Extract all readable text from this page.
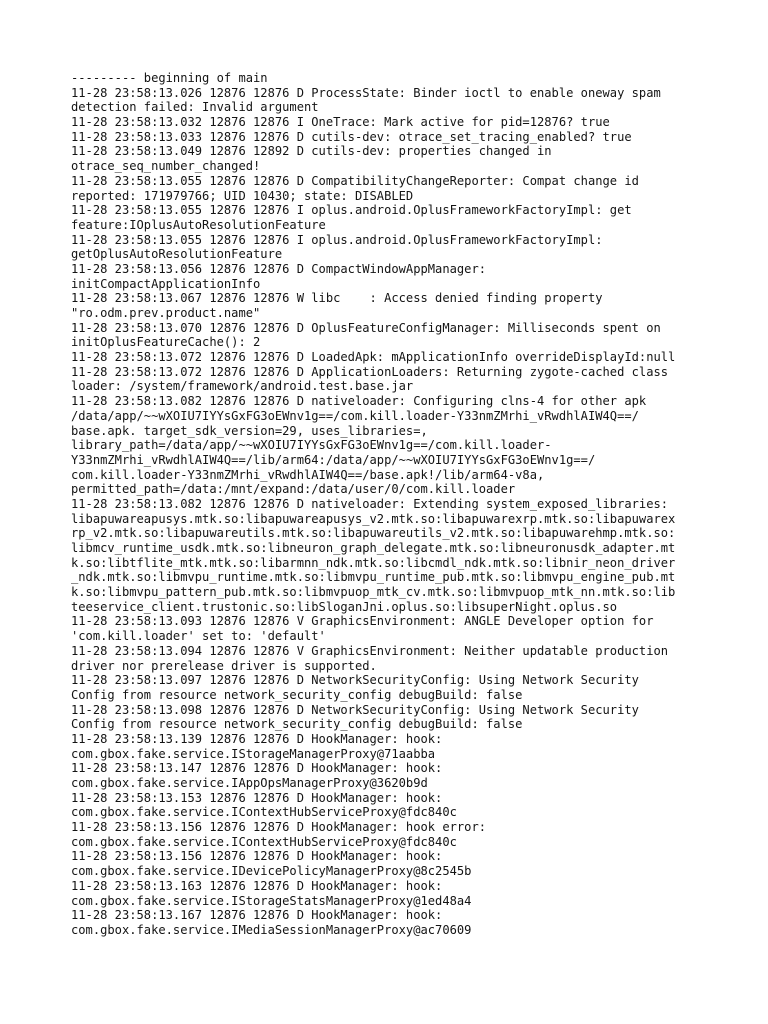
--------- beginning of main
11-28 23:58:13.026 12876 12876 D ProcessState: Binder ioctl to enable oneway spam
detection failed: Invalid argument
11-28 23:58:13.032 12876 12876 I OneTrace: Mark active for pid=12876? true
11-28 23:58:13.033 12876 12876 D cutils-dev: otrace_set_tracing_enabled? true
11-28 23:58:13.049 12876 12892 D cutils-dev: properties changed in
otrace_seq_number_changed!
11-28 23:58:13.055 12876 12876 D CompatibilityChangeReporter: Compat change id
reported: 171979766; UID 10430; state: DISABLED
11-28 23:58:13.055 12876 12876 I oplus.android.OplusFrameworkFactoryImpl: get
feature:IOplusAutoResolutionFeature
11-28 23:58:13.055 12876 12876 I oplus.android.OplusFrameworkFactoryImpl:
getOplusAutoResolutionFeature
11-28 23:58:13.056 12876 12876 D CompactWindowAppManager:
initCompactApplicationInfo
11-28 23:58:13.067 12876 12876 W libc    : Access denied finding property
"ro.odm.prev.product.name"
11-28 23:58:13.070 12876 12876 D OplusFeatureConfigManager: Milliseconds spent on
initOplusFeatureCache(): 2
11-28 23:58:13.072 12876 12876 D LoadedApk: mApplicationInfo overrideDisplayId:null
11-28 23:58:13.072 12876 12876 D ApplicationLoaders: Returning zygote-cached class
loader: /system/framework/android.test.base.jar
11-28 23:58:13.082 12876 12876 D nativeloader: Configuring clns-4 for other apk
/data/app/~~wXOIU7IYYsGxFG3oEWnv1g==/com.kill.loader-Y33nmZMrhi_vRwdhlAIW4Q==/
base.apk. target_sdk_version=29, uses_libraries=,
library_path=/data/app/~~wXOIU7IYYsGxFG3oEWnv1g==/com.kill.loader-
Y33nmZMrhi_vRwdhlAIW4Q==/lib/arm64:/data/app/~~wXOIU7IYYsGxFG3oEWnv1g==/
com.kill.loader-Y33nmZMrhi_vRwdhlAIW4Q==/base.apk!/lib/arm64-v8a,
permitted_path=/data:/mnt/expand:/data/user/0/com.kill.loader
11-28 23:58:13.082 12876 12876 D nativeloader: Extending system_exposed_libraries:
libapuwareapusys.mtk.so:libapuwareapusys_v2.mtk.so:libapuwarexrp.mtk.so:libapuwarex
rp_v2.mtk.so:libapuwareutils.mtk.so:libapuwareutils_v2.mtk.so:libapuwarehmp.mtk.so:
libmcv_runtime_usdk.mtk.so:libneuron_graph_delegate.mtk.so:libneuronusdk_adapter.mt
k.so:libtflite_mtk.mtk.so:libarmnn_ndk.mtk.so:libcmdl_ndk.mtk.so:libnir_neon_driver
_ndk.mtk.so:libmvpu_runtime.mtk.so:libmvpu_runtime_pub.mtk.so:libmvpu_engine_pub.mt
k.so:libmvpu_pattern_pub.mtk.so:libmvpuop_mtk_cv.mtk.so:libmvpuop_mtk_nn.mtk.so:lib
teeservice_client.trustonic.so:libSloganJni.oplus.so:libsuperNight.oplus.so
11-28 23:58:13.093 12876 12876 V GraphicsEnvironment: ANGLE Developer option for
'com.kill.loader' set to: 'default'
11-28 23:58:13.094 12876 12876 V GraphicsEnvironment: Neither updatable production
driver nor prerelease driver is supported.
11-28 23:58:13.097 12876 12876 D NetworkSecurityConfig: Using Network Security
Config from resource network_security_config debugBuild: false
11-28 23:58:13.098 12876 12876 D NetworkSecurityConfig: Using Network Security
Config from resource network_security_config debugBuild: false
11-28 23:58:13.139 12876 12876 D HookManager: hook:
com.gbox.fake.service.IStorageManagerProxy@71aabba
11-28 23:58:13.147 12876 12876 D HookManager: hook:
com.gbox.fake.service.IAppOpsManagerProxy@3620b9d
11-28 23:58:13.153 12876 12876 D HookManager: hook:
com.gbox.fake.service.IContextHubServiceProxy@fdc840c
11-28 23:58:13.156 12876 12876 D HookManager: hook error:
com.gbox.fake.service.IContextHubServiceProxy@fdc840c
11-28 23:58:13.156 12876 12876 D HookManager: hook:
com.gbox.fake.service.IDevicePolicyManagerProxy@8c2545b
11-28 23:58:13.163 12876 12876 D HookManager: hook:
com.gbox.fake.service.IStorageStatsManagerProxy@1ed48a4
11-28 23:58:13.167 12876 12876 D HookManager: hook:
com.gbox.fake.service.IMediaSessionManagerProxy@ac70609
